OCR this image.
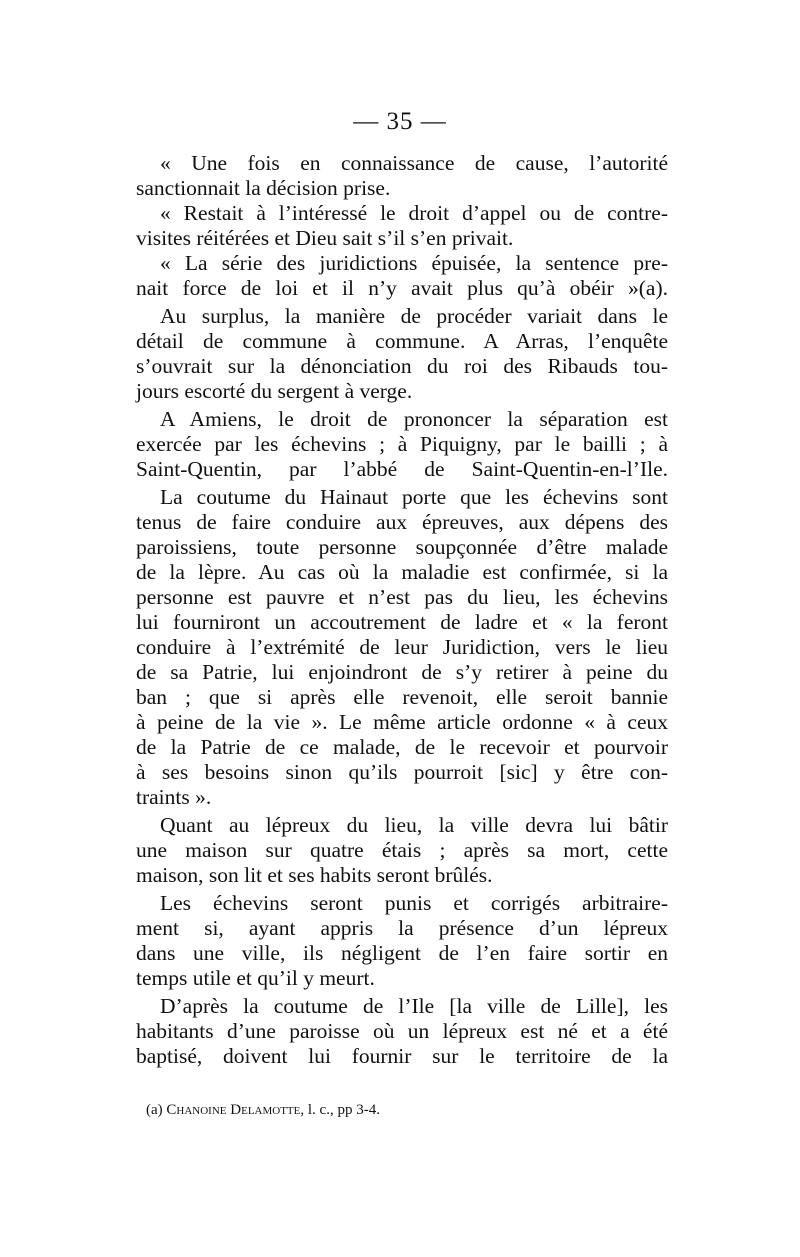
— 35 —
« Une fois en connaissance de cause, l’autorité
sanctionnait la décision prise.
« Restait à l’intéressé le droit d’appel ou de contre-
visites réitérées et Dieu sait s’il s’en privait.
« La série des juridictions épuisée, la sentence pre-
nait force de loi et il n’y avait plus qu’à obéir »(a).
Au surplus, la manière de procéder variait dans le
détail de commune à commune. A Arras, l’enquête
s’ouvrait sur la dénonciation du roi des Ribauds tou-
jours escorté du sergent à verge.
A Amiens, le droit de prononcer la séparation est
exercée par les échevins ; à Piquigny, par le bailli ; à
Saint-Quentin, par l’abbé de Saint-Quentin-en-l’Ile.
La coutume du Hainaut porte que les échevins sont
tenus de faire conduire aux épreuves, aux dépens des
paroissiens, toute personne soupçonnée d’être malade
de la lèpre. Au cas où la maladie est confirmée, si la
personne est pauvre et n’est pas du lieu, les échevins
lui fourniront un accoutrement de ladre et « la feront
conduire à l’extrémité de leur Juridiction, vers le lieu
de sa Patrie, lui enjoindront de s’y retirer à peine du
ban ; que si après elle revenoit, elle seroit bannie
à peine de la vie ». Le même article ordonne « à ceux
de la Patrie de ce malade, de le recevoir et pourvoir
à ses besoins sinon qu’ils pourroit [sic] y être con-
traints ».
Quant au lépreux du lieu, la ville devra lui bâtir
une maison sur quatre étais ; après sa mort, cette
maison, son lit et ses habits seront brûlés.
Les échevins seront punis et corrigés arbitraire-
ment si, ayant appris la présence d’un lépreux
dans une ville, ils négligent de l’en faire sortir en
temps utile et qu’il y meurt.
D’après la coutume de l’Ile [la ville de Lille], les
habitants d’une paroisse où un lépreux est né et a été
baptisé, doivent lui fournir sur le territoire de la
(a) Chanoine Delamotte, l. c., pp 3-4.
